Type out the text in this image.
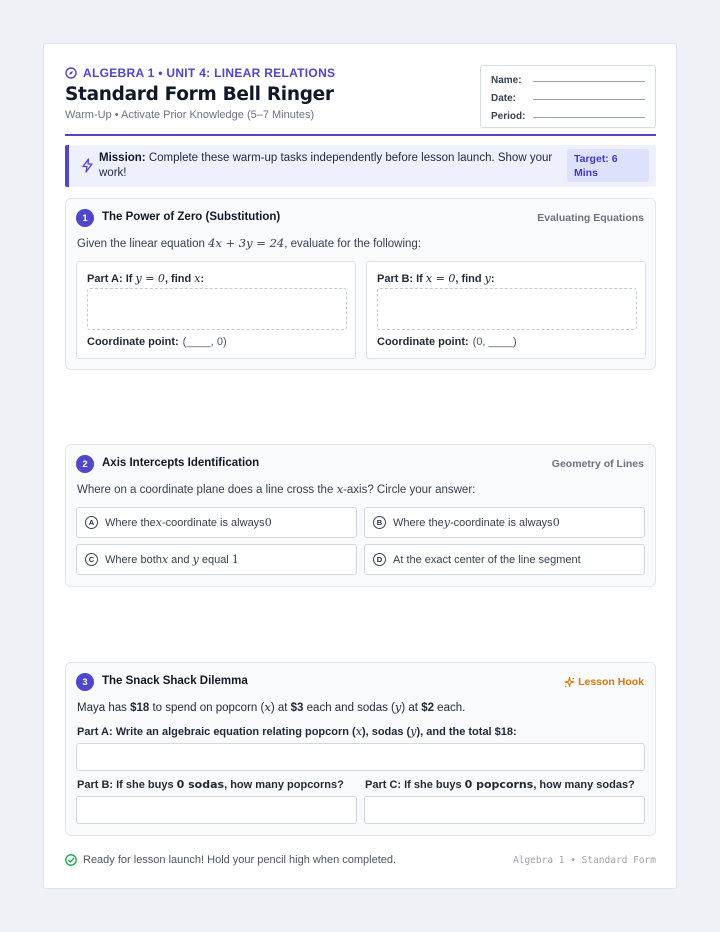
ALGEBRA 1 • UNIT 4: LINEAR RELATIONS
Standard Form Bell Ringer
Warm-Up • Activate Prior Knowledge (5–7 Minutes)
Name:
Date:
Period:
Mission: Complete these warm-up tasks independently before lesson launch. Show your work!
Target: 6 Mins
1	The Power of Zero (Substitution)	Evaluating Equations
Given the linear equation 4x + 3y = 24, evaluate for the following:
Part A: If y = 0, find x:
Coordinate point: (____, 0)
Part B: If x = 0, find y:
Coordinate point: (0, ____)
2	Axis Intercepts Identification	Geometry of Lines
Where on a coordinate plane does a line cross the x-axis? Circle your answer:
A Where the x -coordinate is always 0	B Where the y -coordinate is always 0
C Where both x and y equal 1	D At the exact center of the line segment
3	The Snack Shack Dilemma	Lesson Hook
Maya has $18 to spend on popcorn (x) at $3 each and sodas (y) at $2 each.
Part A: Write an algebraic equation relating popcorn (x), sodas (y), and the total $18:
Part B: If she buys 0 sodas, how many popcorns? Part C: If she buys 0 popcorns, how many sodas?
Ready for lesson launch! Hold your pencil high when completed.	Algebra 1 • Standard Form
